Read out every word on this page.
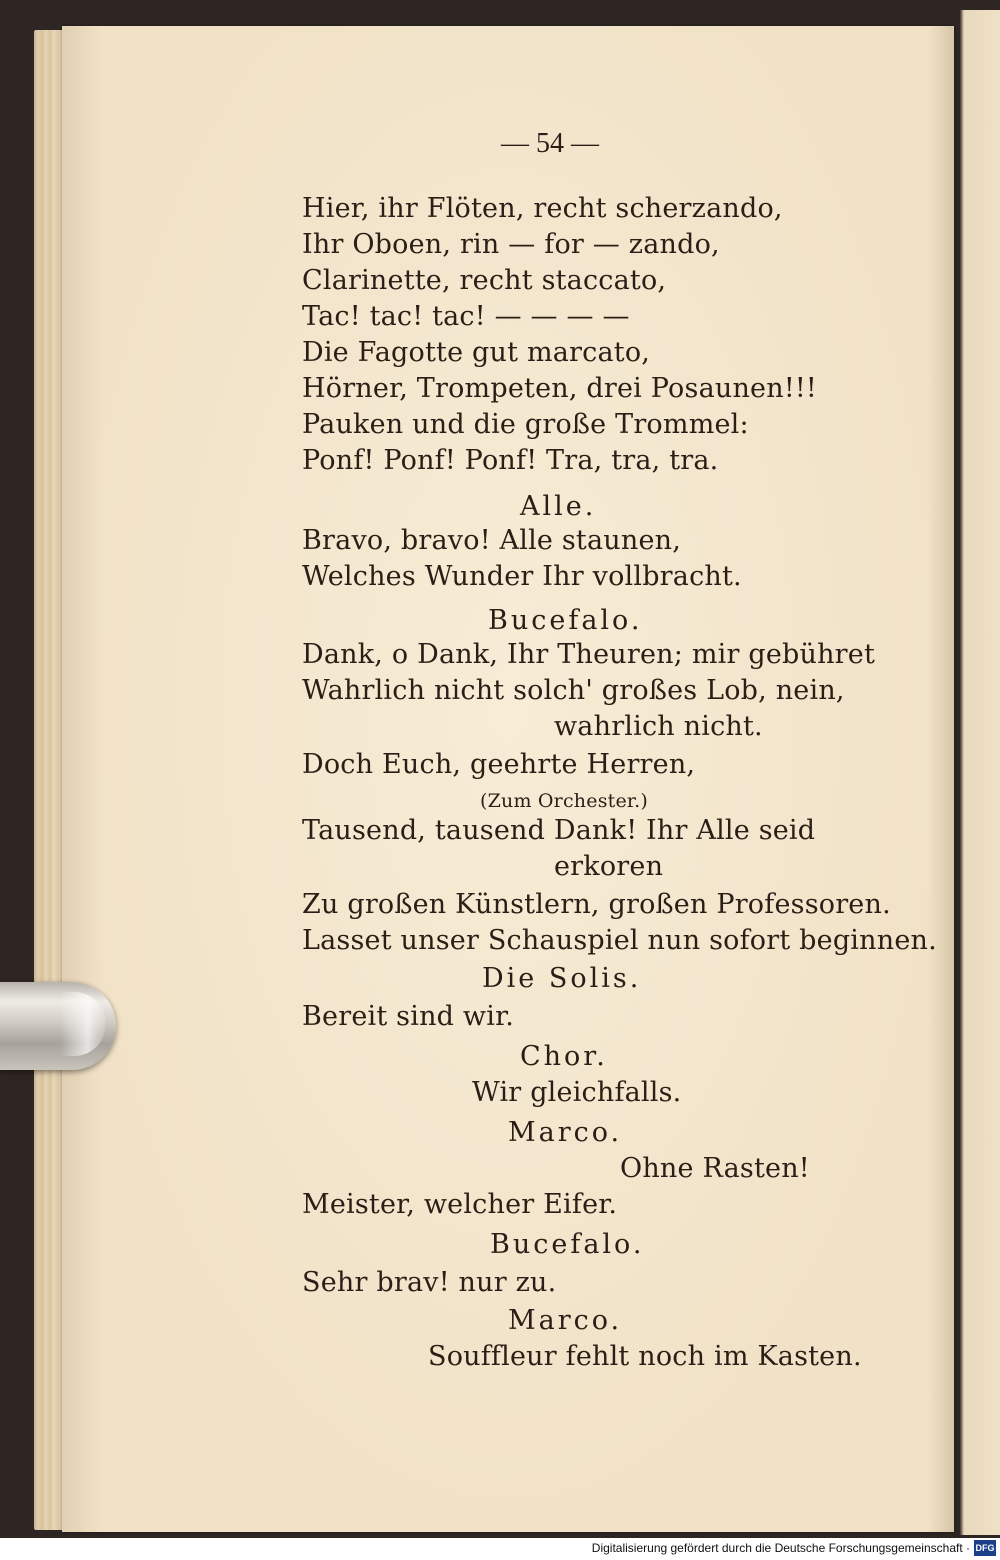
— 54 —
Hier, ihr Flöten, recht scherzando,
Ihr Oboen, rin — for — zando,
Clarinette, recht staccato,
Tac! tac! tac! — — — —
Die Fagotte gut marcato,
Hörner, Trompeten, drei Posaunen!!!
Pauken und die große Trommel:
Ponf! Ponf! Ponf! Tra, tra, tra.
Alle.
Bravo, bravo! Alle staunen,
Welches Wunder Ihr vollbracht.
Bucefalo.
Dank, o Dank, Ihr Theuren; mir gebühret
Wahrlich nicht solch' großes Lob, nein,
wahrlich nicht.
Doch Euch, geehrte Herren,
(Zum Orchester.)
Tausend, tausend Dank! Ihr Alle seid
erkoren
Zu großen Künstlern, großen Professoren.
Lasset unser Schauspiel nun sofort beginnen.
Die Solis.
Bereit sind wir.
Chor.
Wir gleichfalls.
Marco.
Ohne Rasten!
Meister, welcher Eifer.
Bucefalo.
Sehr brav! nur zu.
Marco.
Souffleur fehlt noch im Kasten.
Digitalisierung gefördert durch die Deutsche Forschungsgemeinschaft · DFG
